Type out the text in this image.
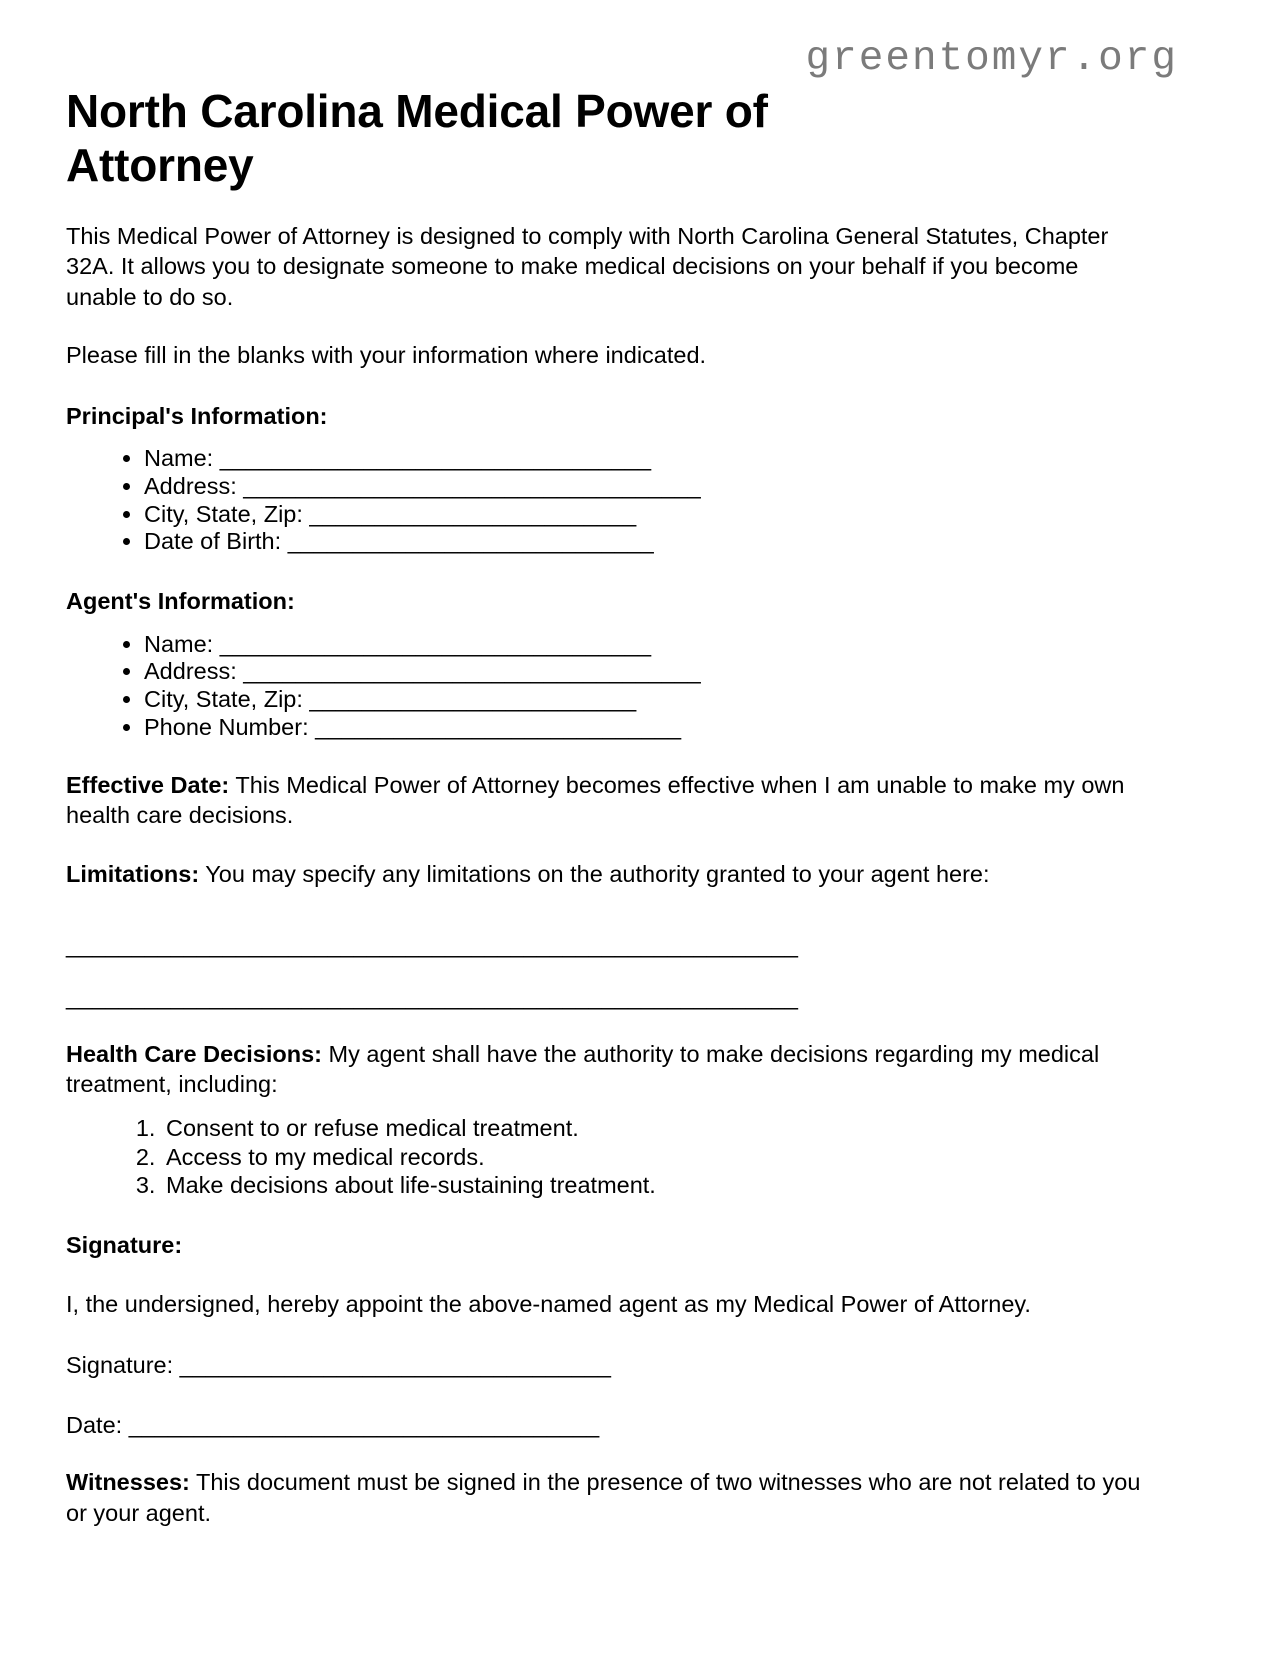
greentomyr.org
North Carolina Medical Power of Attorney

This Medical Power of Attorney is designed to comply with North Carolina General Statutes, Chapter 32A. It allows you to designate someone to make medical decisions on your behalf if you become unable to do so.

Please fill in the blanks with your information where indicated.

Principal's Information:
• Name: _________________________________
• Address: ___________________________________
• City, State, Zip: _________________________
• Date of Birth: ____________________________
Agent's Information:
• Name: _________________________________
• Address: ___________________________________
• City, State, Zip: _________________________
• Phone Number: ____________________________

Effective Date: This Medical Power of Attorney becomes effective when I am unable to make my own health care decisions.

Limitations: You may specify any limitations on the authority granted to your agent here:

________________________________________________________

________________________________________________________

Health Care Decisions: My agent shall have the authority to make decisions regarding my medical treatment, including:

1. Consent to or refuse medical treatment.
2. Access to my medical records.
3. Make decisions about life-sustaining treatment.
Signature:

I, the undersigned, hereby appoint the above-named agent as my Medical Power of Attorney.

Signature: _________________________________

Date: ____________________________________

Witnesses: This document must be signed in the presence of two witnesses who are not related to you or your agent.
